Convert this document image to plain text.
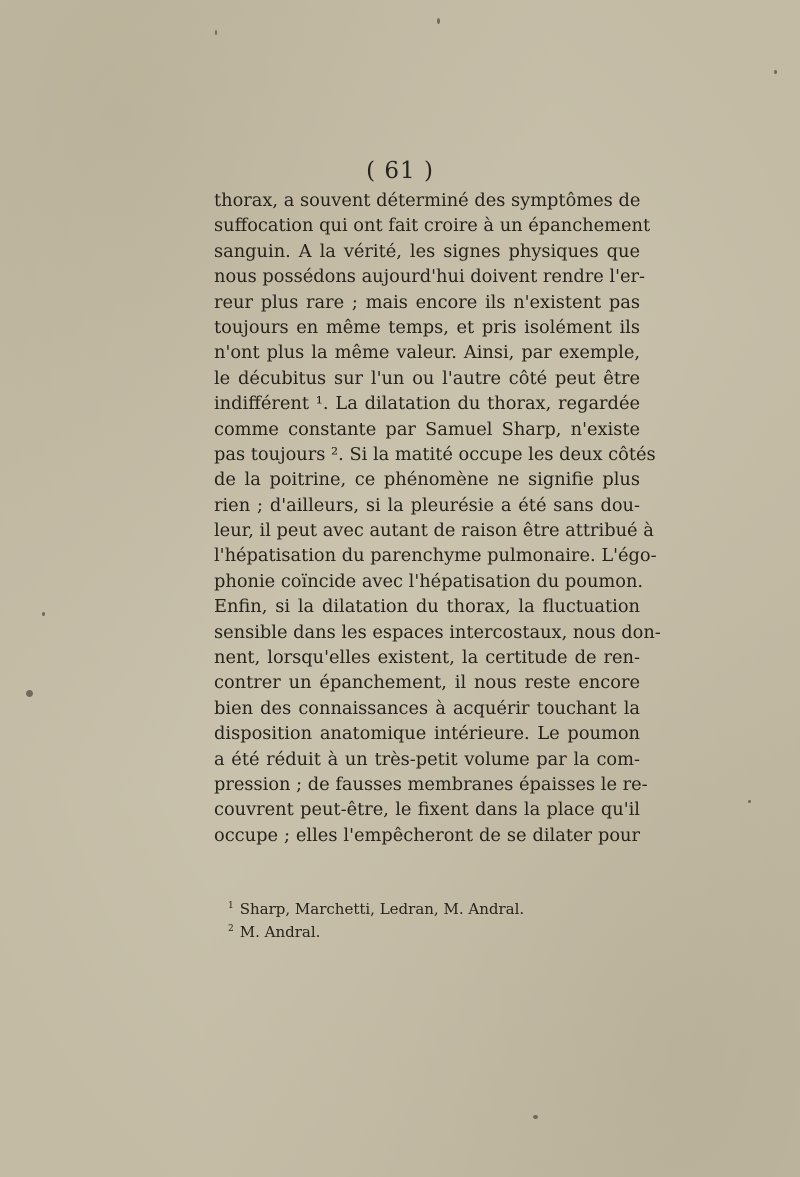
( 61 )
thorax, a souvent déterminé des symptômes de
suffocation qui ont fait croire à un épanchement
sanguin. A la vérité, les signes physiques que
nous possédons aujourd'hui doivent rendre l'er-
reur plus rare ; mais encore ils n'existent pas
toujours en même temps, et pris isolément ils
n'ont plus la même valeur. Ainsi, par exemple,
le décubitus sur l'un ou l'autre côté peut être
indifférent ¹. La dilatation du thorax, regardée
comme constante par Samuel Sharp, n'existe
pas toujours ². Si la matité occupe les deux côtés
de la poitrine, ce phénomène ne signifie plus
rien ; d'ailleurs, si la pleurésie a été sans dou-
leur, il peut avec autant de raison être attribué à
l'hépatisation du parenchyme pulmonaire. L'égo-
phonie coïncide avec l'hépatisation du poumon.
Enfin, si la dilatation du thorax, la fluctuation
sensible dans les espaces intercostaux, nous don-
nent, lorsqu'elles existent, la certitude de ren-
contrer un épanchement, il nous reste encore
bien des connaissances à acquérir touchant la
disposition anatomique intérieure. Le poumon
a été réduit à un très-petit volume par la com-
pression ; de fausses membranes épaisses le re-
couvrent peut-être, le fixent dans la place qu'il
occupe ; elles l'empêcheront de se dilater pour
$^1$ Sharp, Marchetti, Ledran, M. Andral.
$^2$ M. Andral.
